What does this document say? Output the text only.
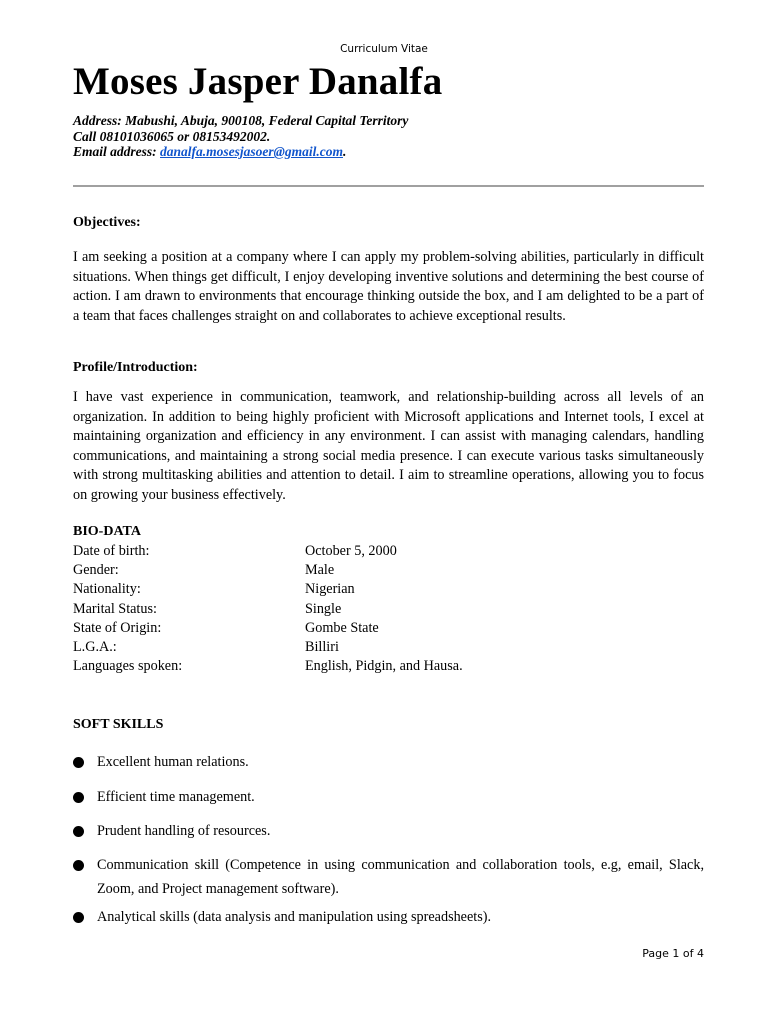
Curriculum Vitae
Moses Jasper Danalfa
Address: Mabushi, Abuja, 900108, Federal Capital Territory
Call 08101036065 or 08153492002.
Email address: danalfa.mosesjasoer@gmail.com.
Objectives:

I am seeking a position at a company where I can apply my problem-solving abilities, particularly in difficult situations. When things get difficult, I enjoy developing inventive solutions and determining the best course of action. I am drawn to environments that encourage thinking outside the box, and I am delighted to be a part of a team that faces challenges straight on and collaborates to achieve exceptional results.

Profile/Introduction:

I have vast experience in communication, teamwork, and relationship-building across all levels of an organization. In addition to being highly proficient with Microsoft applications and Internet tools, I excel at maintaining organization and efficiency in any environment. I can assist with managing calendars, handling communications, and maintaining a strong social media presence. I can execute various tasks simultaneously with strong multitasking abilities and attention to detail. I aim to streamline operations, allowing you to focus on growing your business effectively.

BIO-DATA
Date of birth:	October 5, 2000
Gender:	Male
Nationality:	Nigerian
Marital Status:	Single
State of Origin:	Gombe State
L.G.A.:	Billiri
Languages spoken:	English, Pidgin, and Hausa.
SOFT SKILLS
Excellent human relations.
Efficient time management.
Prudent handling of resources.
Communication skill (Competence in using communication and collaboration tools, e.g, email, Slack, Zoom, and Project management software).
Analytical skills (data analysis and manipulation using spreadsheets).
Page 1 of 4
